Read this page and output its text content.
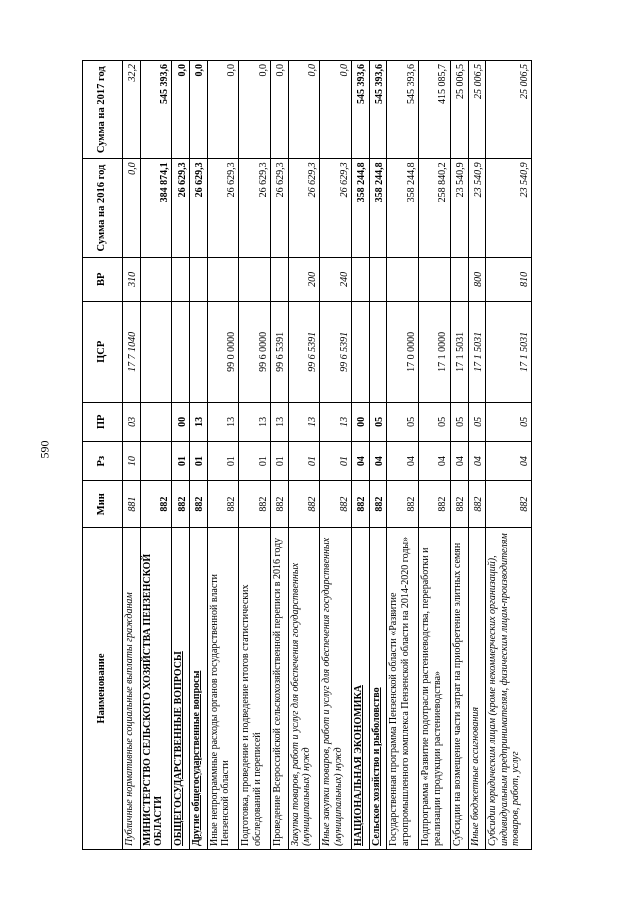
590
Наименование	Мин	Рз	ПР	ЦСР	ВР	Сумма на 2016 год	Сумма на 2017 год
Публичные нормативные социальные выплаты гражданам	881	10	03	17 7 1040	310	0,0	32,2
МИНИСТЕРСТВО СЕЛЬСКОГО ХОЗЯЙСТВА ПЕНЗЕНСКОЙ ОБЛАСТИ	882					384 874,1	545 393,6
ОБЩЕГОСУДАРСТВЕННЫЕ ВОПРОСЫ	882	01	00			26 629,3	0,0
Другие общегосударственные вопросы	882	01	13			26 629,3	0,0
Иные непрограммные расходы органов государственной власти Пензенской области	882	01	13	99 0 0000		26 629,3	0,0
Подготовка, проведение и подведение итогов статистических обследований и переписей	882	01	13	99 6 0000		26 629,3	0,0
Проведение Всероссийской сельскохозяйственной переписи в 2016 году	882	01	13	99 6 5391		26 629,3	0,0
Закупка товаров, работ и услуг для обеспечения государственных (муниципальных) нужд	882	01	13	99 6 5391	200	26 629,3	0,0
Иные закупки товаров, работ и услуг для обеспечения государственных (муниципальных) нужд	882	01	13	99 6 5391	240	26 629,3	0,0
НАЦИОНАЛЬНАЯ ЭКОНОМИКА	882	04	00			358 244,8	545 393,6
Сельское хозяйство и рыболовство	882	04	05			358 244,8	545 393,6
Государственная программа Пензенской области «Развитие агропромышленного комплекса Пензенской области на 2014-2020 годы»	882	04	05	17 0 0000		358 244,8	545 393,6
Подпрограмма «Развитие подотрасли растениеводства, переработки и реализации продукции растениеводства»	882	04	05	17 1 0000		258 840,2	415 085,7
Субсидии на возмещение части затрат на приобретение элитных семян	882	04	05	17 1 5031		23 540,9	25 006,5
Иные бюджетные ассигнования	882	04	05	17 1 5031	800	23 540,9	25 006,5
Субсидии юридическим лицам (кроме некоммерческих организаций), индивидуальным предпринимателям, физическим лицам-производителям товаров, работ, услуг	882	04	05	17 1 5031	810	23 540,9	25 006,5
